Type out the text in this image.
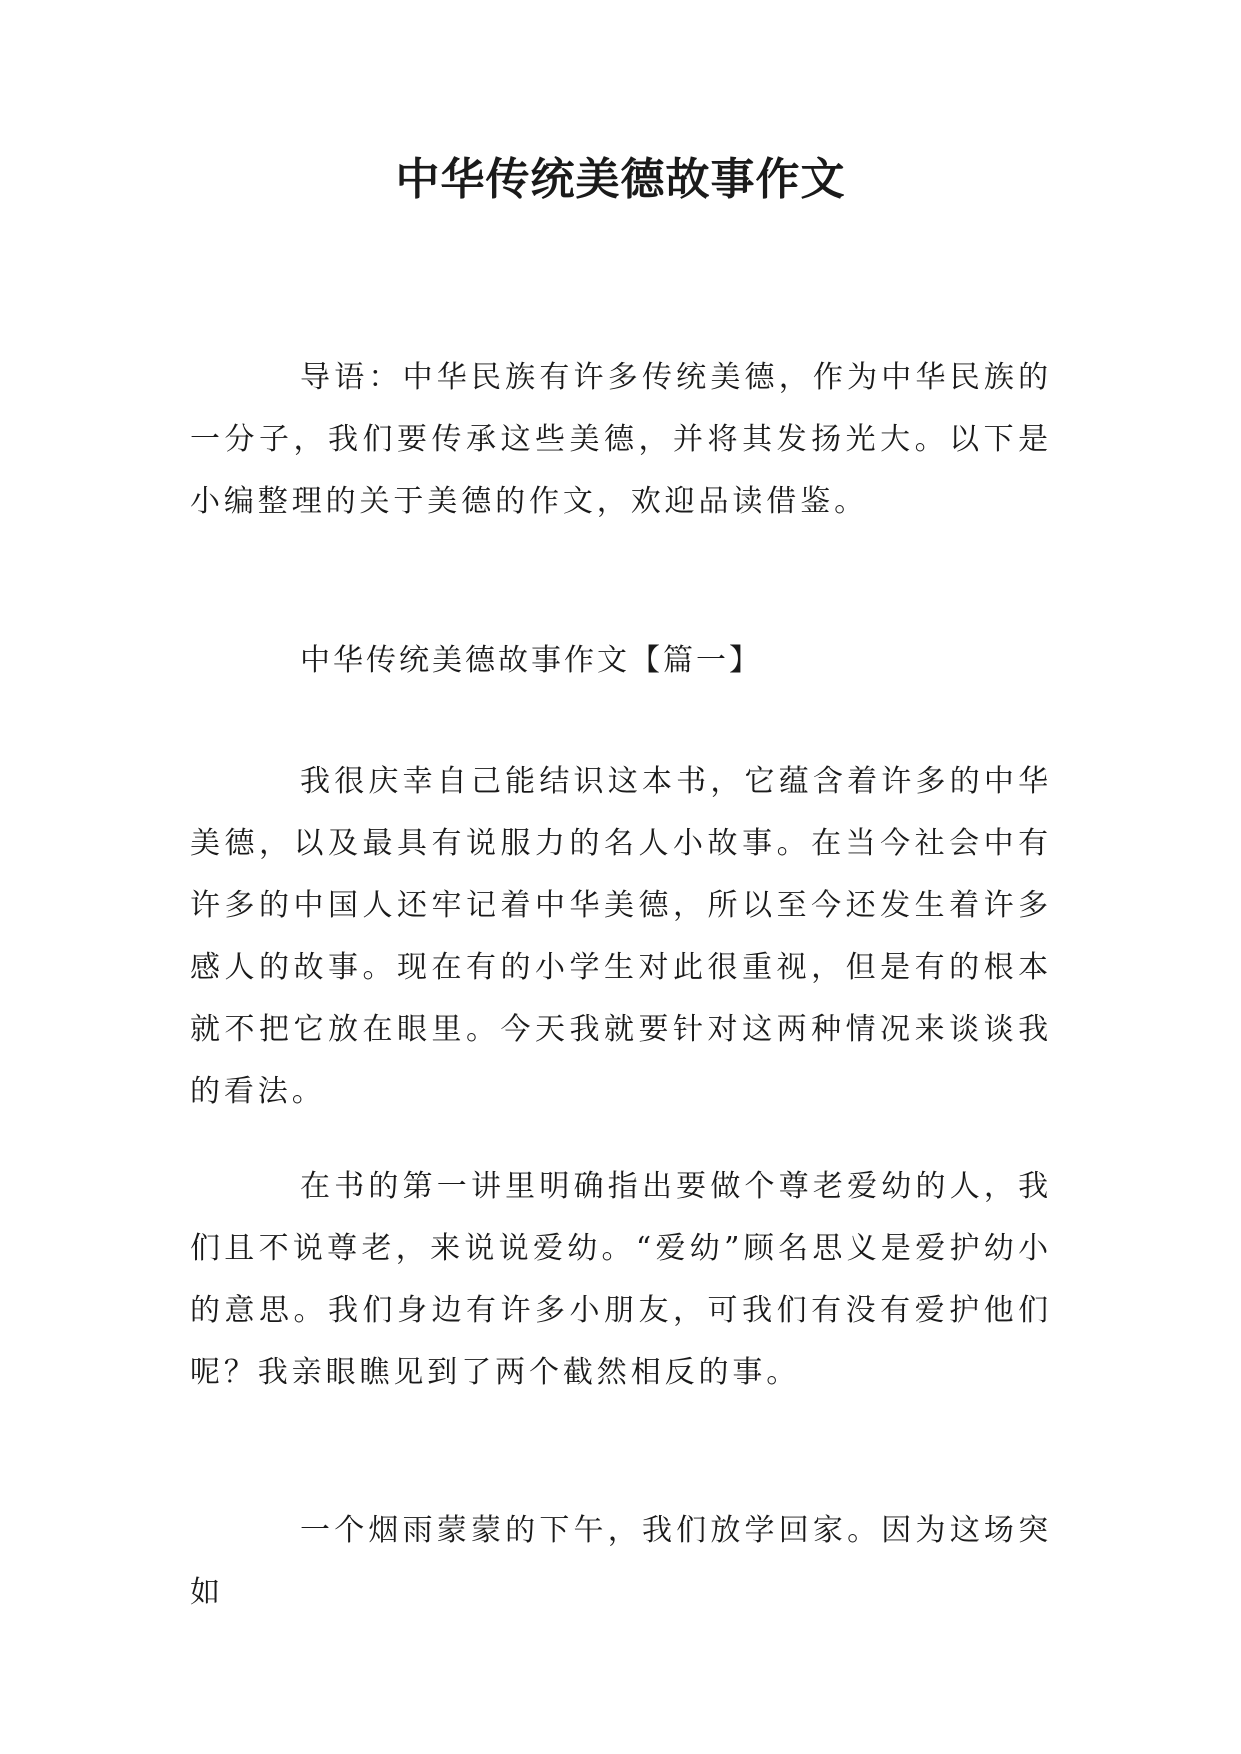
中华传统美德故事作文

导语：中华民族有许多传统美德，作为中华民族的一分子，我们要传承这些美德，并将其发扬光大。以下是小编整理的关于美德的作文，欢迎品读借鉴。

中华传统美德故事作文【篇一】

我很庆幸自己能结识这本书，它蕴含着许多的中华美德，以及最具有说服力的名人小故事。在当今社会中有许多的中国人还牢记着中华美德，所以至今还发生着许多感人的故事。现在有的小学生对此很重视，但是有的根本就不把它放在眼里。今天我就要针对这两种情况来谈谈我的看法。

在书的第一讲里明确指出要做个尊老爱幼的人，我们且不说尊老，来说说爱幼。“爱幼”顾名思义是爱护幼小的意思。我们身边有许多小朋友，可我们有没有爱护他们呢？我亲眼瞧见到了两个截然相反的事。

一个烟雨蒙蒙的下午，我们放学回家。因为这场突如
